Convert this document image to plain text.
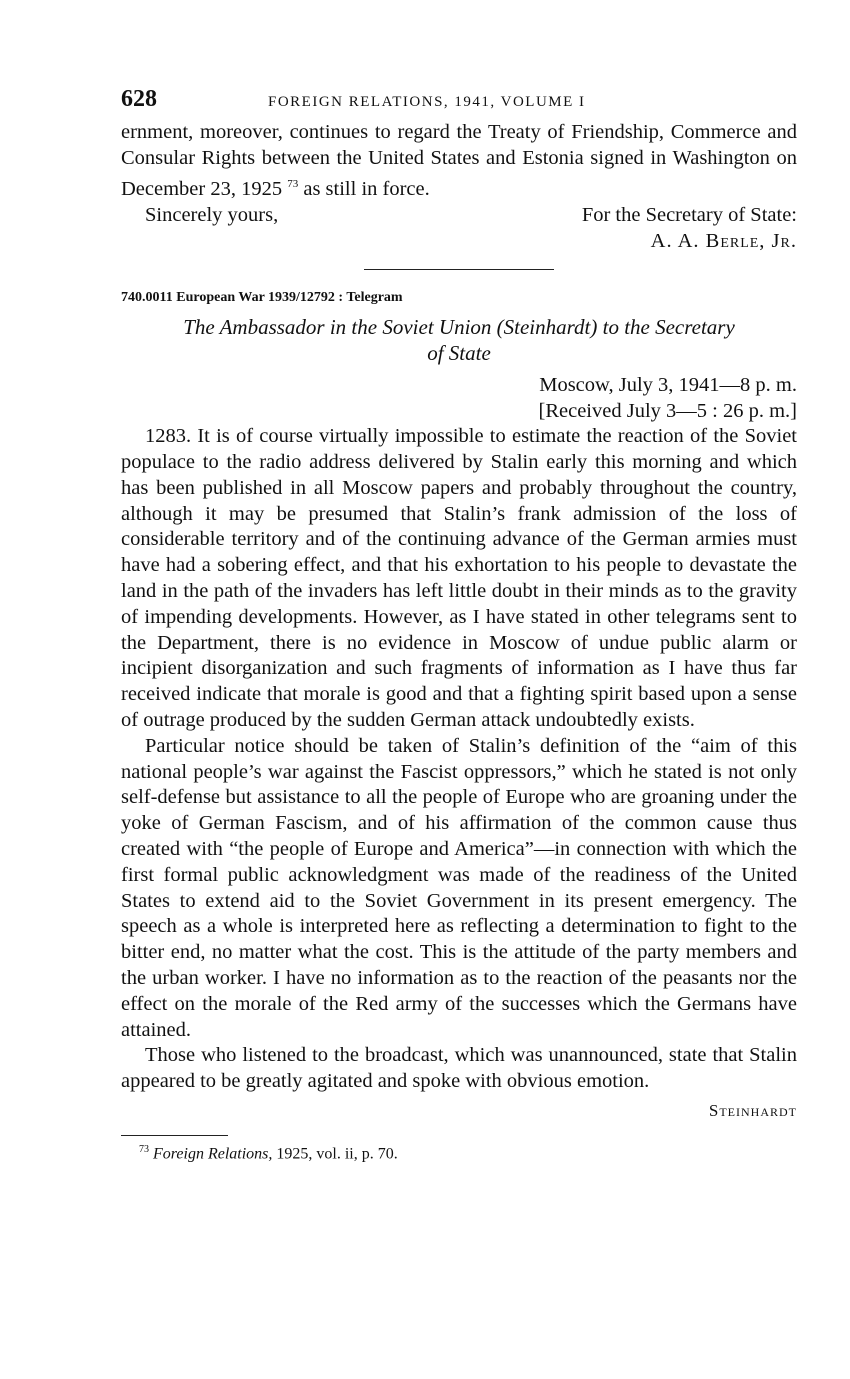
628	FOREIGN RELATIONS, 1941, VOLUME I

ernment, moreover, continues to regard the Treaty of Friendship, Commerce and Consular Rights between the United States and Estonia signed in Washington on December 23, 1925 $^{73}$ as still in force.

Sincerely yours,	For the Secretary of State:
A. A. Berle, Jr.
740.0011 European War 1939/12792 : Telegram
The Ambassador in the Soviet Union (Steinhardt) to the Secretary
of State
Moscow, July 3, 1941—8 p. m.
[Received July 3—5 : 26 p. m.]

1283. It is of course virtually impossible to estimate the reaction of the Soviet populace to the radio address delivered by Stalin early this morning and which has been published in all Moscow papers and probably throughout the country, although it may be presumed that Stalin’s frank admission of the loss of considerable territory and of the continuing advance of the German armies must have had a sobering effect, and that his exhortation to his people to devastate the land in the path of the invaders has left little doubt in their minds as to the gravity of impending developments. However, as I have stated in other telegrams sent to the Department, there is no evidence in Moscow of undue public alarm or incipient disorganization and such fragments of information as I have thus far received indicate that morale is good and that a fighting spirit based upon a sense of outrage produced by the sudden German attack undoubtedly exists.

Particular notice should be taken of Stalin’s definition of the “aim of this national people’s war against the Fascist oppressors,” which he stated is not only self-defense but assistance to all the people of Europe who are groaning under the yoke of German Fascism, and of his affirmation of the common cause thus created with “the people of Europe and America”—in connection with which the first formal public acknowledgment was made of the readiness of the United States to extend aid to the Soviet Government in its present emergency. The speech as a whole is interpreted here as reflecting a determination to fight to the bitter end, no matter what the cost. This is the attitude of the party members and the urban worker. I have no information as to the reaction of the peasants nor the effect on the morale of the Red army of the successes which the Germans have attained.

Those who listened to the broadcast, which was unannounced, state that Stalin appeared to be greatly agitated and spoke with obvious emotion.

Steinhardt
$^{73}$ Foreign Relations, 1925, vol. ii, p. 70.
